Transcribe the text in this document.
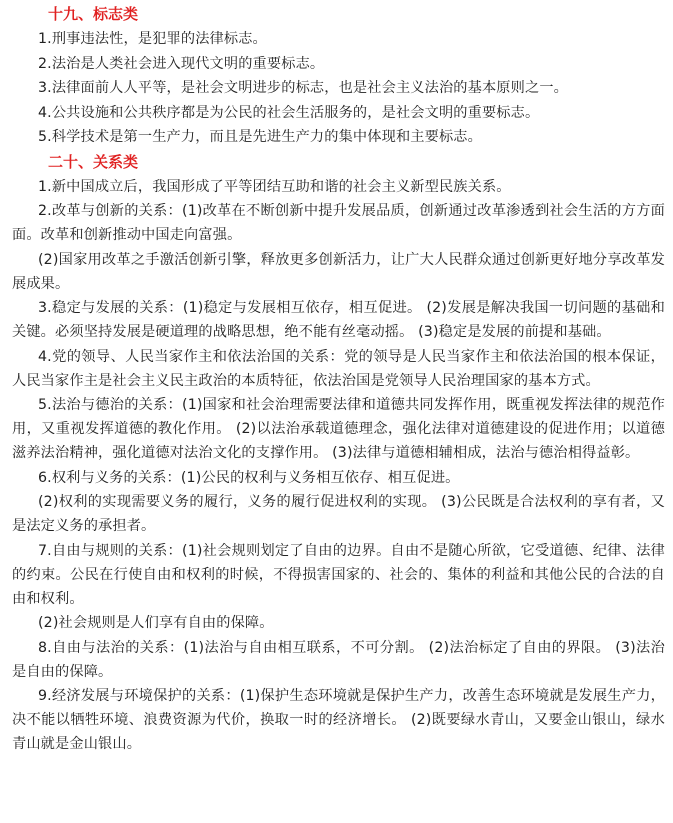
十九、标志类

1.刑事违法性，是犯罪的法律标志。

2.法治是人类社会进入现代文明的重要标志。

3.法律面前人人平等，是社会文明进步的标志，也是社会主义法治的基本原则之一。

4.公共设施和公共秩序都是为公民的社会生活服务的，是社会文明的重要标志。

5.科学技术是第一生产力，而且是先进生产力的集中体现和主要标志。

二十、关系类

1.新中国成立后，我国形成了平等团结互助和谐的社会主义新型民族关系。

2.改革与创新的关系：(1)改革在不断创新中提升发展品质，创新通过改革渗透到社会生活的方方面面。改革和创新推动中国走向富强。

(2)国家用改革之手激活创新引擎，释放更多创新活力，让广大人民群众通过创新更好地分享改革发展成果。

3.稳定与发展的关系：(1)稳定与发展相互依存，相互促进。 (2)发展是解决我国一切问题的基础和关键。必须坚持发展是硬道理的战略思想，绝不能有丝毫动摇。 (3)稳定是发展的前提和基础。

4.党的领导、人民当家作主和依法治国的关系：党的领导是人民当家作主和依法治国的根本保证，人民当家作主是社会主义民主政治的本质特征，依法治国是党领导人民治理国家的基本方式。

5.法治与德治的关系：(1)国家和社会治理需要法律和道德共同发挥作用，既重视发挥法律的规范作用，又重视发挥道德的教化作用。 (2)以法治承载道德理念，强化法律对道德建设的促进作用；以道德滋养法治精神，强化道德对法治文化的支撑作用。 (3)法律与道德相辅相成，法治与德治相得益彰。

6.权利与义务的关系：(1)公民的权利与义务相互依存、相互促进。

(2)权利的实现需要义务的履行，义务的履行促进权利的实现。 (3)公民既是合法权利的享有者，又是法定义务的承担者。

7.自由与规则的关系：(1)社会规则划定了自由的边界。自由不是随心所欲，它受道德、纪律、法律的约束。公民在行使自由和权利的时候，不得损害国家的、社会的、集体的利益和其他公民的合法的自由和权利。

(2)社会规则是人们享有自由的保障。

8.自由与法治的关系：(1)法治与自由相互联系，不可分割。 (2)法治标定了自由的界限。 (3)法治是自由的保障。

9.经济发展与环境保护的关系：(1)保护生态环境就是保护生产力，改善生态环境就是发展生产力，决不能以牺牲环境、浪费资源为代价，换取一时的经济增长。 (2)既要绿水青山，又要金山银山，绿水青山就是金山银山。
